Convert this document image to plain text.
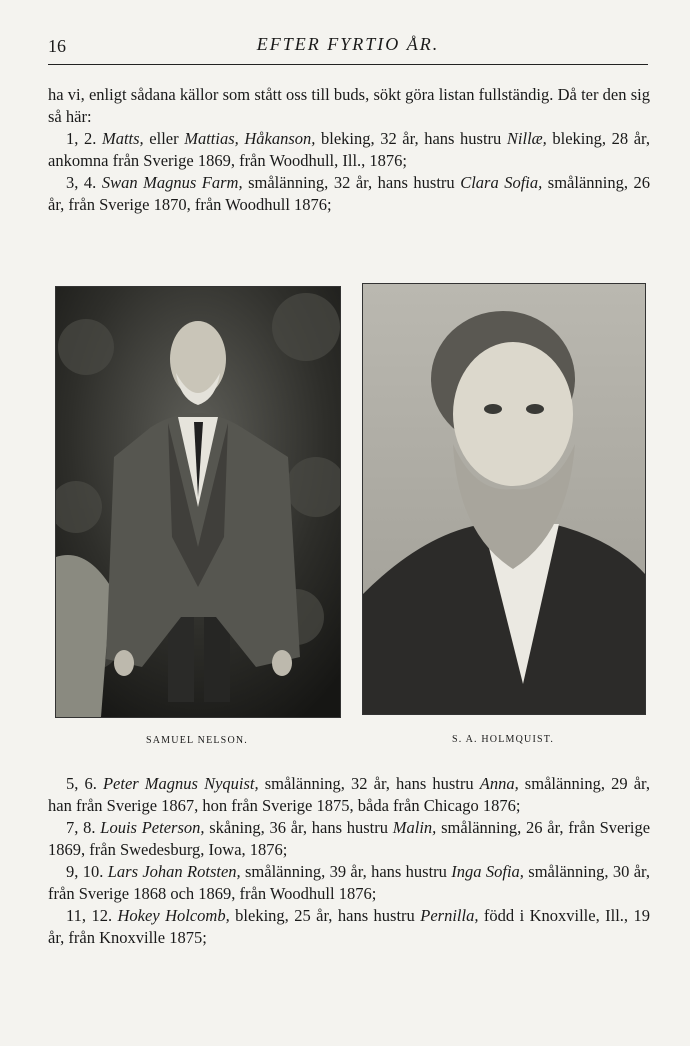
16	EFTER FYRTIO ÅR.

ha vi, enligt sådana källor som stått oss till buds, sökt göra listan fullständig. Då ter den sig så här:

1, 2. Matts, eller Mattias, Håkanson, bleking, 32 år, hans hustru Nillæ, bleking, 28 år, ankomna från Sverige 1869, från Woodhull, Ill., 1876;

3, 4. Swan Magnus Farm, smålänning, 32 år, hans hustru Clara Sofia, smålänning, 26 år, från Sverige 1870, från Woodhull 1876;

SAMUEL NELSON.	S. A. HOLMQUIST.

5, 6. Peter Magnus Nyquist, smålänning, 32 år, hans hustru Anna, smålänning, 29 år, han från Sverige 1867, hon från Sverige 1875, båda från Chicago 1876;

7, 8. Louis Peterson, skåning, 36 år, hans hustru Malin, smålänning, 26 år, från Sverige 1869, från Swedesburg, Iowa, 1876;

9, 10. Lars Johan Rotsten, smålänning, 39 år, hans hustru Inga Sofia, smålänning, 30 år, från Sverige 1868 och 1869, från Woodhull 1876;

11, 12. Hokey Holcomb, bleking, 25 år, hans hustru Pernilla, född i Knoxville, Ill., 19 år, från Knoxville 1875;
